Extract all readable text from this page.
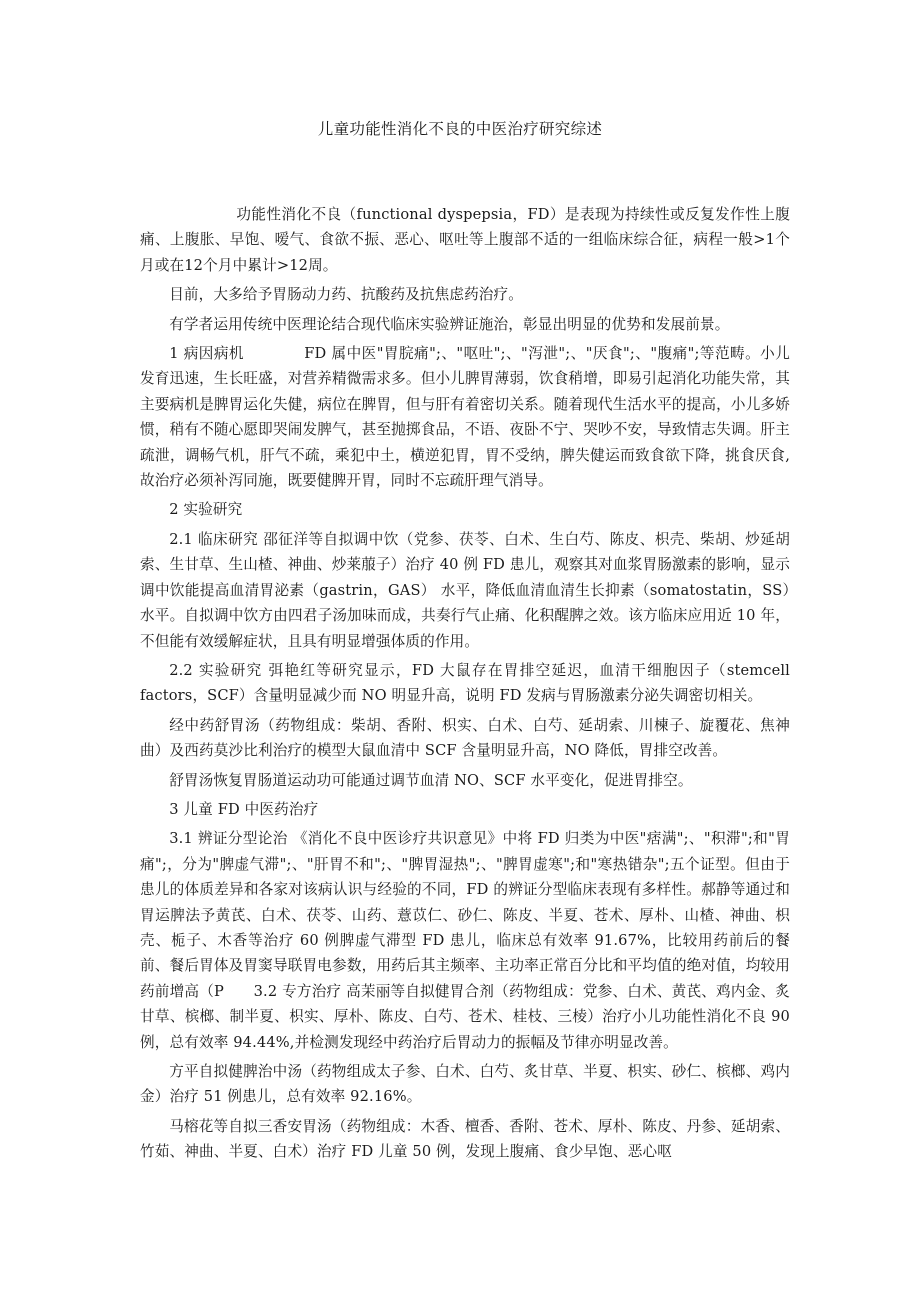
儿童功能性消化不良的中医治疗研究综述

功能性消化不良（functional dyspepsia，FD）是表现为持续性或反复发作性上腹痛、上腹胀、早饱、嗳气、食欲不振、恶心、呕吐等上腹部不适的一组临床综合征，病程一般>1个月或在12个月中累计>12周。

目前，大多给予胃肠动力药、抗酸药及抗焦虑药治疗。

有学者运用传统中医理论结合现代临床实验辨证施治，彰显出明显的优势和发展前景。

1 病因病机　　　　FD 属中医"胃脘痛";、"呕吐";、"泻泄";、"厌食";、"腹痛";等范畴。小儿发育迅速，生长旺盛，对营养精微需求多。但小儿脾胃薄弱，饮食稍增，即易引起消化功能失常，其主要病机是脾胃运化失健，病位在脾胃，但与肝有着密切关系。随着现代生活水平的提高，小儿多娇惯，稍有不随心愿即哭闹发脾气，甚至抛掷食品，不语、夜卧不宁、哭吵不安，导致情志失调。肝主疏泄，调畅气机，肝气不疏，乘犯中土，横逆犯胃，胃不受纳，脾失健运而致食欲下降，挑食厌食,故治疗必须补泻同施，既要健脾开胃，同时不忘疏肝理气消导。

2 实验研究

2.1 临床研究 邵征洋等自拟调中饮（党参、茯苓、白术、生白芍、陈皮、枳壳、柴胡、炒延胡索、生甘草、生山楂、神曲、炒莱菔子）治疗 40 例 FD 患儿，观察其对血浆胃肠激素的影响，显示调中饮能提高血清胃泌素（gastrin，GAS） 水平，降低血清血清生长抑素（somatostatin，SS）水平。自拟调中饮方由四君子汤加味而成，共奏行气止痛、化积醒脾之效。该方临床应用近 10 年，不但能有效缓解症状，且具有明显增强体质的作用。

2.2 实验研究 弭艳红等研究显示，FD 大鼠存在胃排空延迟，血清干细胞因子（stemcell factors，SCF）含量明显减少而 NO 明显升高，说明 FD 发病与胃肠激素分泌失调密切相关。

经中药舒胃汤（药物组成：柴胡、香附、枳实、白术、白芍、延胡索、川楝子、旋覆花、焦神曲）及西药莫沙比利治疗的模型大鼠血清中 SCF 含量明显升高，NO 降低，胃排空改善。

舒胃汤恢复胃肠道运动功可能通过调节血清 NO、SCF 水平变化，促进胃排空。

3 儿童 FD 中医药治疗

3.1 辨证分型论治 《消化不良中医诊疗共识意见》中将 FD 归类为中医"痞满";、"积滞";和"胃痛";，分为"脾虚气滞";、"肝胃不和";、"脾胃湿热";、"脾胃虚寒";和"寒热错杂";五个证型。但由于患儿的体质差异和各家对该病认识与经验的不同，FD 的辨证分型临床表现有多样性。郝静等通过和胃运脾法予黄芪、白术、茯苓、山药、薏苡仁、砂仁、陈皮、半夏、苍术、厚朴、山楂、神曲、枳壳、栀子、木香等治疗 60 例脾虚气滞型 FD 患儿，临床总有效率 91.67%，比较用药前后的餐前、餐后胃体及胃窦导联胃电参数，用药后其主频率、主功率正常百分比和平均值的绝对值，均较用药前增高（P　　3.2 专方治疗 高茉丽等自拟健胃合剂（药物组成：党参、白术、黄芪、鸡内金、炙甘草、槟榔、制半夏、枳实、厚朴、陈皮、白芍、苍术、桂枝、三棱）治疗小儿功能性消化不良 90 例，总有效率 94.44%,并检测发现经中药治疗后胃动力的振幅及节律亦明显改善。

方平自拟健脾治中汤（药物组成太子参、白术、白芍、炙甘草、半夏、枳实、砂仁、槟榔、鸡内金）治疗 51 例患儿，总有效率 92.16%。

马榕花等自拟三香安胃汤（药物组成：木香、檀香、香附、苍术、厚朴、陈皮、丹参、延胡索、竹茹、神曲、半夏、白术）治疗 FD 儿童 50 例，发现上腹痛、食少早饱、恶心呕
